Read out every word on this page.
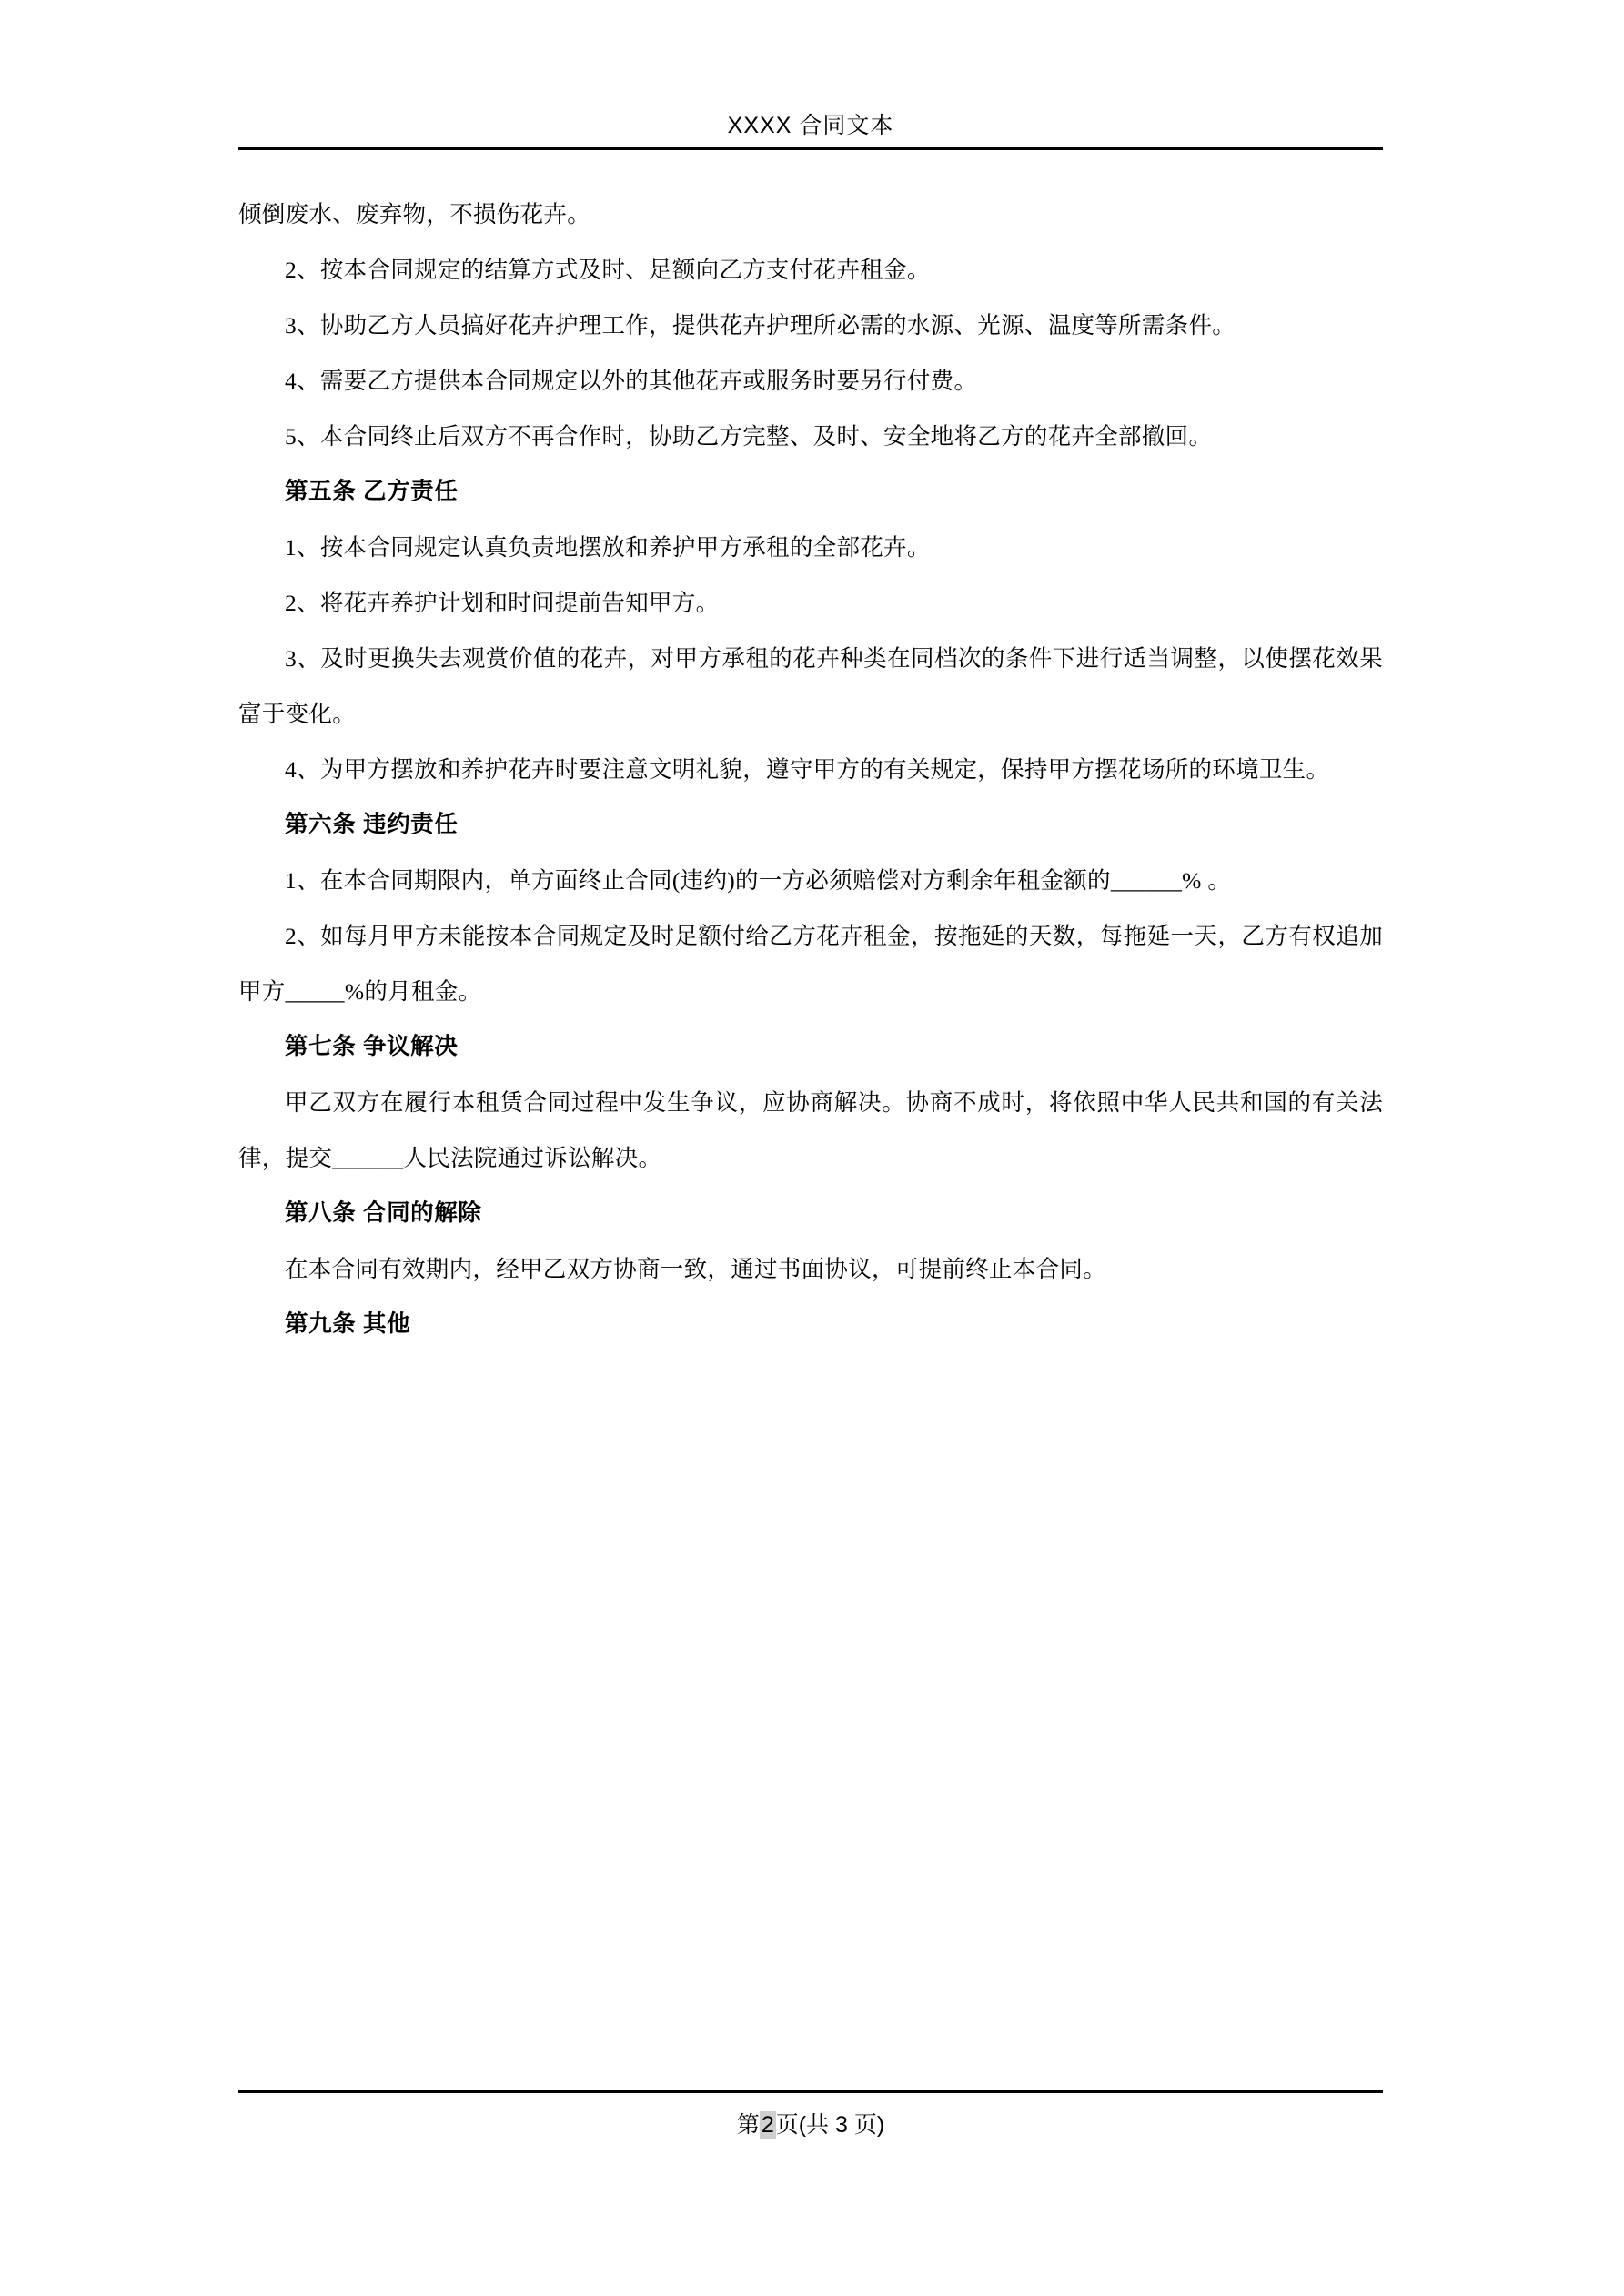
XXXX 合同文本

倾倒废水、废弃物，不损伤花卉。

2、按本合同规定的结算方式及时、足额向乙方支付花卉租金。

3、协助乙方人员搞好花卉护理工作，提供花卉护理所必需的水源、光源、温度等所需条件。

4、需要乙方提供本合同规定以外的其他花卉或服务时要另行付费。

5、本合同终止后双方不再合作时，协助乙方完整、及时、安全地将乙方的花卉全部撤回。

第五条 乙方责任

1、按本合同规定认真负责地摆放和养护甲方承租的全部花卉。

2、将花卉养护计划和时间提前告知甲方。

3、及时更换失去观赏价值的花卉，对甲方承租的花卉种类在同档次的条件下进行适当调整，以使摆花效果富于变化。

4、为甲方摆放和养护花卉时要注意文明礼貌，遵守甲方的有关规定，保持甲方摆花场所的环境卫生。

第六条 违约责任

1、在本合同期限内，单方面终止合同(违约)的一方必须赔偿对方剩余年租金额的______% 。

2、如每月甲方未能按本合同规定及时足额付给乙方花卉租金，按拖延的天数，每拖延一天，乙方有权追加甲方_____%的月租金。

第七条 争议解决

甲乙双方在履行本租赁合同过程中发生争议，应协商解决。协商不成时，将依照中华人民共和国的有关法律，提交______人民法院通过诉讼解决。

第八条 合同的解除

在本合同有效期内，经甲乙双方协商一致，通过书面协议，可提前终止本合同。

第九条 其他

第2页(共 3 页)
